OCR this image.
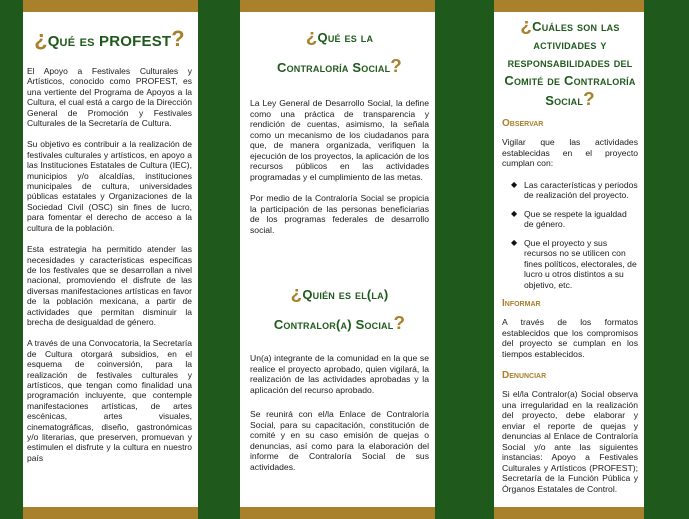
¿Qué es PROFEST?

El Apoyo a Festivales Culturales y Artísticos, conocido como PROFEST, es una vertiente del Programa de Apoyos a la Cultura, el cual está a cargo de la Dirección General de Promoción y Festivales Culturales de la Secretaría de Cultura.

Su objetivo es contribuir a la realización de festivales culturales y artísticos, en apoyo a las Instituciones Estatales de Cultura (IEC), municipios y/o alcaldías, instituciones municipales de cultura, universidades públicas estatales y Organizaciones de la Sociedad Civil (OSC) sin fines de lucro, para fomentar el derecho de acceso a la cultura de la población.

Esta estrategia ha permitido atender las necesidades y características específicas de los festivales que se desarrollan a nivel nacional, promoviendo el disfrute de las diversas manifestaciones artísticas en favor de la población mexicana, a partir de actividades que permitan disminuir la brecha de desigualdad de género.

A través de una Convocatoria, la Secretaría de Cultura otorgará subsidios, en el esquema de coinversión, para la realización de festivales culturales y artísticos, que tengan como finalidad una programación incluyente, que contemple manifestaciones artísticas, de artes escénicas, artes visuales, cinematográficas, diseño, gastronómicas y/o literarias, que preserven, promuevan y estimulen el disfrute y la cultura en nuestro país

¿Qué es la
Contraloría Social?

La Ley General de Desarrollo Social, la define como una práctica de transparencia y rendición de cuentas, asimismo, la señala como un mecanismo de los ciudadanos para que, de manera organizada, verifiquen la ejecución de los proyectos, la aplicación de los recursos públicos en las actividades programadas y el cumplimiento de las metas.

Por medio de la Contraloría Social se propicia la participación de las personas beneficiarias de los programas federales de desarrollo social.

¿Quién es el(la)
Contralor(a) Social?

Un(a) integrante de la comunidad en la que se realice el proyecto aprobado, quien vigilará, la realización de las actividades aprobadas y la aplicación del recurso aprobado.

Se reunirá con el/la Enlace de Contraloría Social, para su capacitación, constitución de comité y en su caso emisión de quejas o denuncias, así como para la elaboración del informe de Contraloría Social de sus actividades.

¿Cuáles son las
actividades y
responsabilidades del
Comité de Contraloría
Social?
Observar

Vigilar que las actividades establecidas en el proyecto cumplan con:

◆ Las características y periodos de realización del proyecto.
◆ Que se respete la igualdad de género.
◆ Que el proyecto y sus recursos no se utilicen con fines políticos, electorales, de lucro u otros distintos a su objetivo, etc.
Informar

A través de los formatos establecidos que los compromisos del proyecto se cumplan en los tiempos establecidos.

Denunciar

Si el/la Contralor(a) Social observa una irregularidad en la realización del proyecto, debe elaborar y enviar el reporte de quejas y denuncias al Enlace de Contraloría Social y/o ante las siguientes instancias: Apoyo a Festivales Culturales y Artísticos (PROFEST); Secretaría de la Función Pública y Órganos Estatales de Control.
